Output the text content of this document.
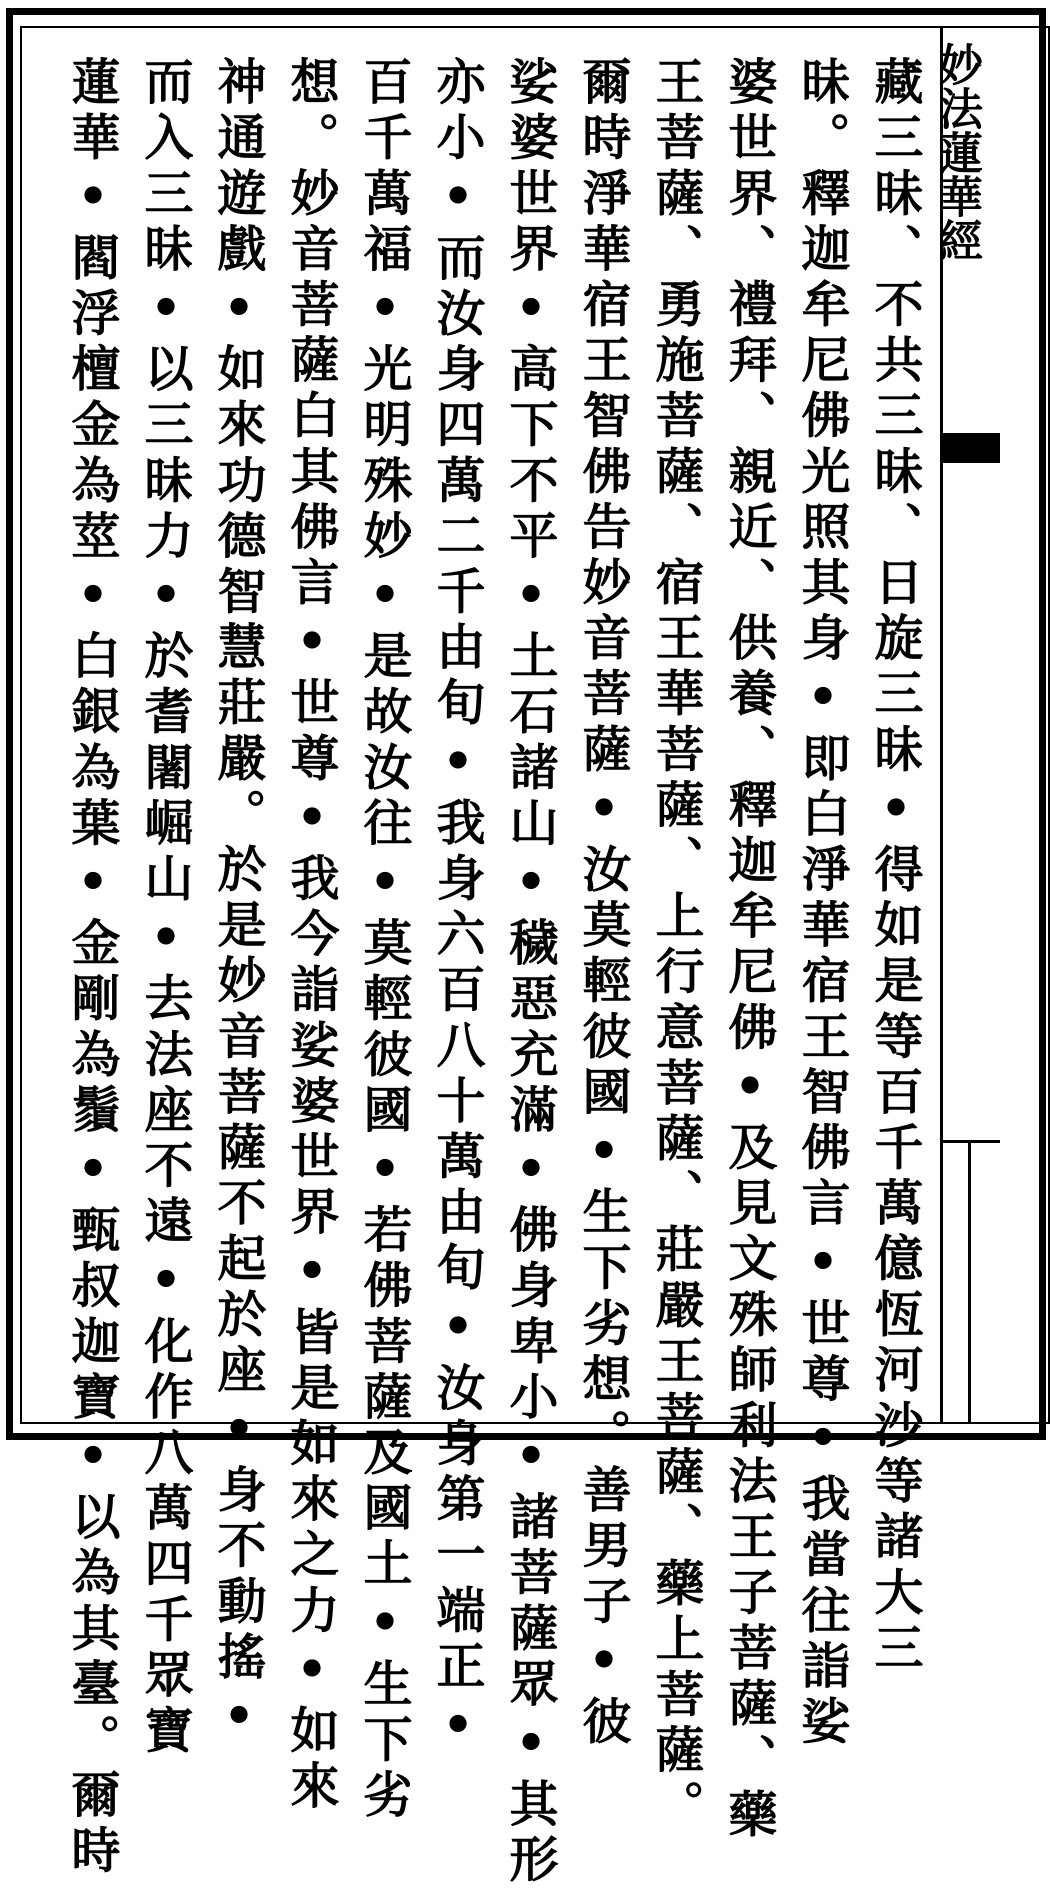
妙法蓮華經
藏三昧、不共三昧、日旋三昧•得如是等百千萬億恆河沙等諸大三
昧。釋迦牟尼佛光照其身•即白淨華宿王智佛言•世尊•我當往詣娑
婆世界、禮拜、親近、供養、釋迦牟尼佛•及見文殊師利法王子菩薩、藥
王菩薩、勇施菩薩、宿王華菩薩、上行意菩薩、莊嚴王菩薩、藥上菩薩。
爾時淨華宿王智佛告妙音菩薩•汝莫輕彼國•生下劣想。善男子•彼
娑婆世界•高下不平•土石諸山•穢惡充滿•佛身卑小•諸菩薩眾•其形
亦小•而汝身四萬二千由旬•我身六百八十萬由旬•汝身第一端正•
百千萬福•光明殊妙•是故汝往•莫輕彼國•若佛菩薩及國土•生下劣
想。妙音菩薩白其佛言•世尊•我今詣娑婆世界•皆是如來之力•如來
神通遊戲•如來功德智慧莊嚴。於是妙音菩薩不起於座•身不動搖•
而入三昧•以三昧力•於耆闍崛山•去法座不遠•化作八萬四千眾寶
蓮華•閻浮檀金為莖•白銀為葉•金剛為鬚•甄叔迦寶•以為其臺。爾時
